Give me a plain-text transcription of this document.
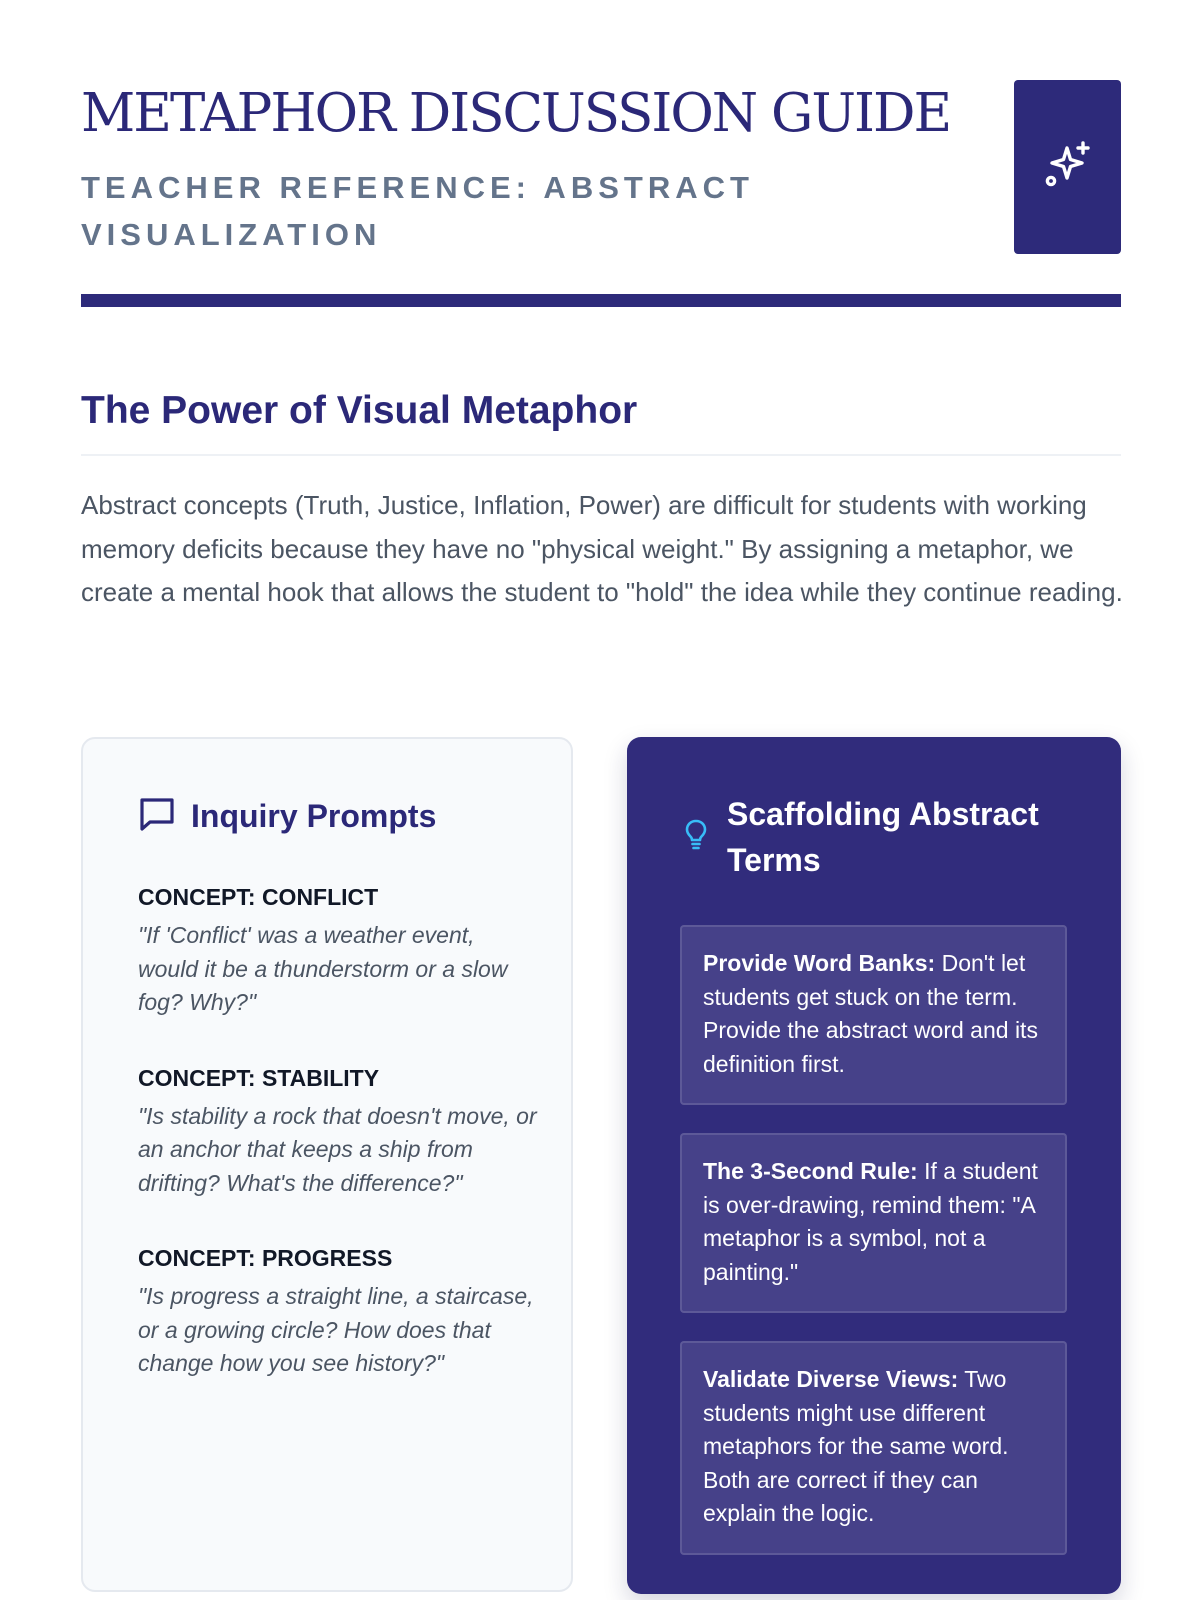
METAPHOR DISCUSSION GUIDE

TEACHER REFERENCE: ABSTRACT VISUALIZATION

The Power of Visual Metaphor

Abstract concepts (Truth, Justice, Inflation, Power) are difficult for students with working memory deficits because they have no "physical weight." By assigning a metaphor, we create a mental hook that allows the student to "hold" the idea while they continue reading.

Inquiry Prompts

CONCEPT: CONFLICT

"If 'Conflict' was a weather event, would it be a thunderstorm or a slow fog? Why?"

CONCEPT: STABILITY

"Is stability a rock that doesn't move, or an anchor that keeps a ship from drifting? What's the difference?"

CONCEPT: PROGRESS

"Is progress a straight line, a staircase, or a growing circle? How does that change how you see history?"

Scaffolding Abstract Terms
Provide Word Banks: Don't let students get stuck on the term. Provide the abstract word and its definition first.
The 3-Second Rule: If a student is over-drawing, remind them: "A metaphor is a symbol, not a painting."
Validate Diverse Views: Two students might use different metaphors for the same word. Both are correct if they can explain the logic.
